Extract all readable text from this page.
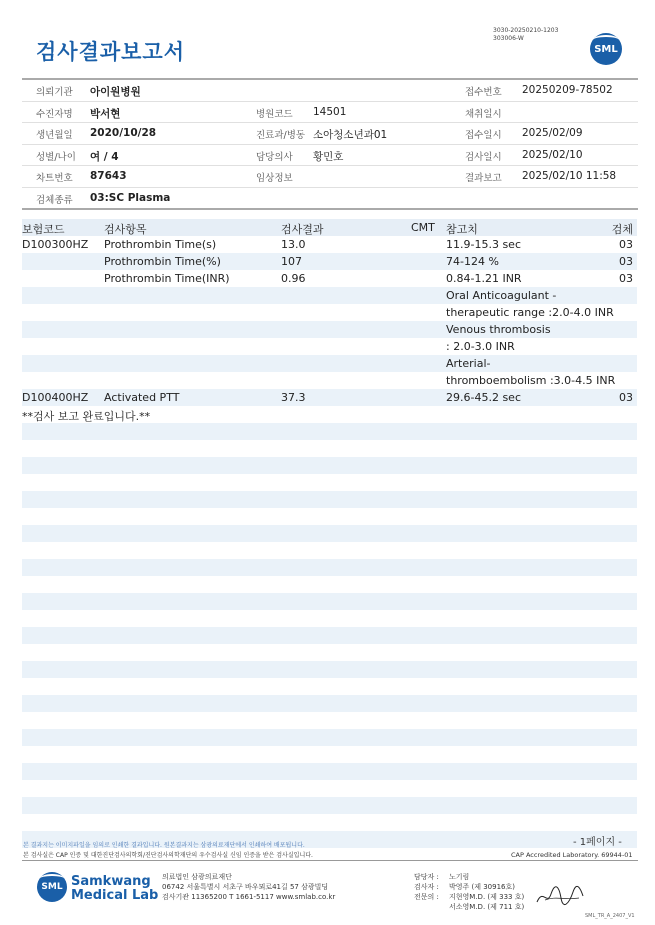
검사결과보고서
3030-20250210-1203
303006-W
SML
의뢰기관 아이원병원	접수번호 20250209-78502
수진자명 박서현	병원코드 14501	채취일시
생년월일 2020/10/28	진료과/병동 소아청소년과01	접수일시 2025/02/09
성별/나이 여 / 4	담당의사 황민호	검사일시 2025/02/10
차트번호 87643	임상정보	결과보고 2025/02/10 11:58
검체종류 03:SC Plasma
보험코드	검사항목	검사결과	CMT 참고치	검체
D100300HZ Prothrombin Time(s)	13.0	11.9-15.3 sec	03
Prothrombin Time(%)	107	74-124 %	03
Prothrombin Time(INR)	0.96	0.84-1.21 INR	03
Oral Anticoagulant -
therapeutic range :2.0-4.0 INR
Venous thrombosis
: 2.0-3.0 INR
Arterial-
thromboembolism :3.0-4.5 INR
D100400HZ Activated PTT	37.3	29.6-45.2 sec	03
**검사 보고 완료입니다.**
본 결과지는 이미지파일을 임의로 인쇄한 결과입니다. 원본결과지는 삼광의료재단에서 인쇄하여 배포됩니다.
본 검사실은 CAP 인증 및 대한진단검사의학회/진단검사의학재단의 우수검사실 신임 인증을 받은 검사실입니다.
- 1페이지 -
CAP Accredited Laboratory. 69944-01
SML Samkwang
Medical Lab
의료법인 삼광의료재단
06742 서울특별시 서초구 바우뫼로41길 57 삼광빌딩
검사기관 11365200 T 1661-5117 www.smlab.co.kr
담당자 : 노기림
검사자 : 박영주 (제 30916호)
전문의 : 지현영M.D. (제 333 호)
서소영M.D. (제 711 호)
SML_TR_A_2407_V1
